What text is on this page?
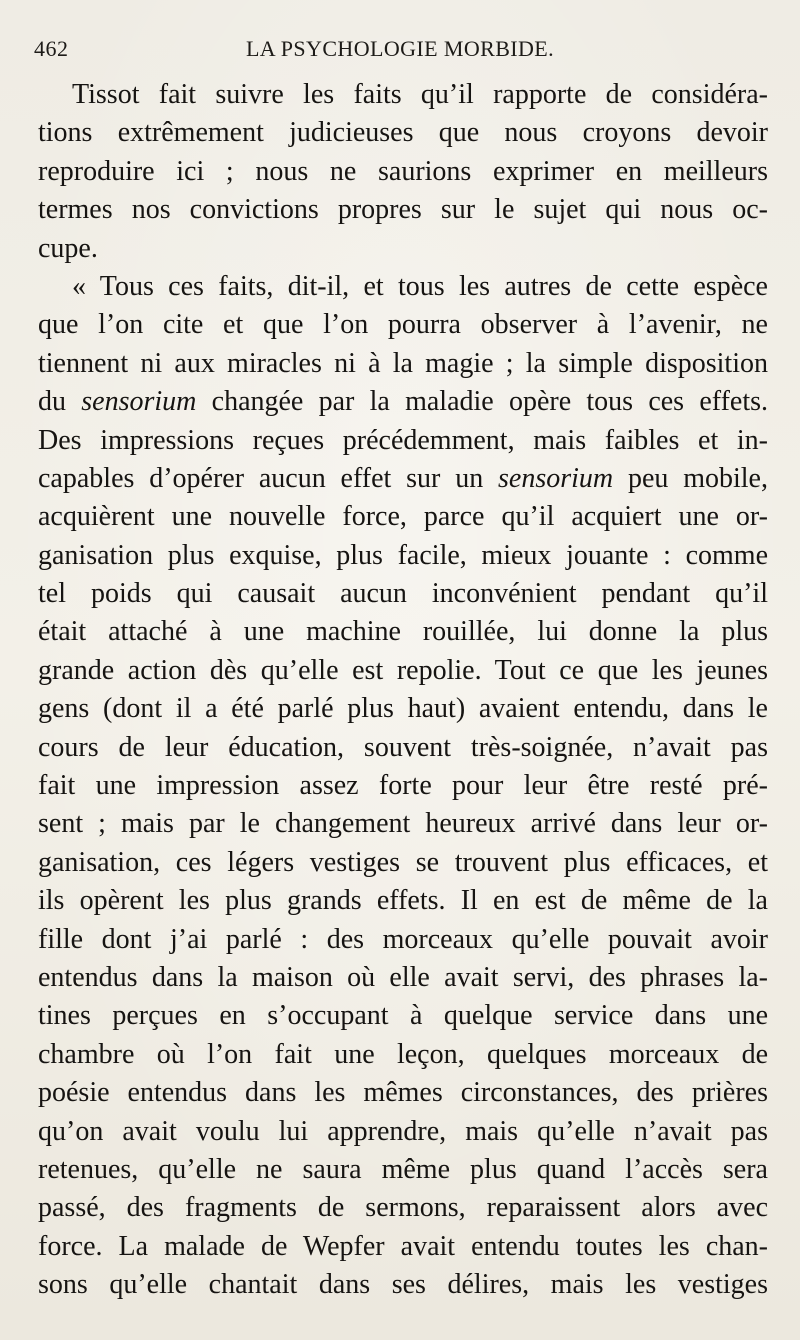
462	LA PSYCHOLOGIE MORBIDE.
Tissot fait suivre les faits qu’il rapporte de considéra-
tions extrêmement judicieuses que nous croyons devoir
reproduire ici ; nous ne saurions exprimer en meilleurs
termes nos convictions propres sur le sujet qui nous oc-
cupe.
« Tous ces faits, dit-il, et tous les autres de cette espèce
que l’on cite et que l’on pourra observer à l’avenir, ne
tiennent ni aux miracles ni à la magie ; la simple disposition
du sensorium changée par la maladie opère tous ces effets.
Des impressions reçues précédemment, mais faibles et in-
capables d’opérer aucun effet sur un sensorium peu mobile,
acquièrent une nouvelle force, parce qu’il acquiert une or-
ganisation plus exquise, plus facile, mieux jouante : comme
tel poids qui causait aucun inconvénient pendant qu’il
était attaché à une machine rouillée, lui donne la plus
grande action dès qu’elle est repolie. Tout ce que les jeunes
gens (dont il a été parlé plus haut) avaient entendu, dans le
cours de leur éducation, souvent très-soignée, n’avait pas
fait une impression assez forte pour leur être resté pré-
sent ; mais par le changement heureux arrivé dans leur or-
ganisation, ces légers vestiges se trouvent plus efficaces, et
ils opèrent les plus grands effets. Il en est de même de la
fille dont j’ai parlé : des morceaux qu’elle pouvait avoir
entendus dans la maison où elle avait servi, des phrases la-
tines perçues en s’occupant à quelque service dans une
chambre où l’on fait une leçon, quelques morceaux de
poésie entendus dans les mêmes circonstances, des prières
qu’on avait voulu lui apprendre, mais qu’elle n’avait pas
retenues, qu’elle ne saura même plus quand l’accès sera
passé, des fragments de sermons, reparaissent alors avec
force. La malade de Wepfer avait entendu toutes les chan-
sons qu’elle chantait dans ses délires, mais les vestiges
